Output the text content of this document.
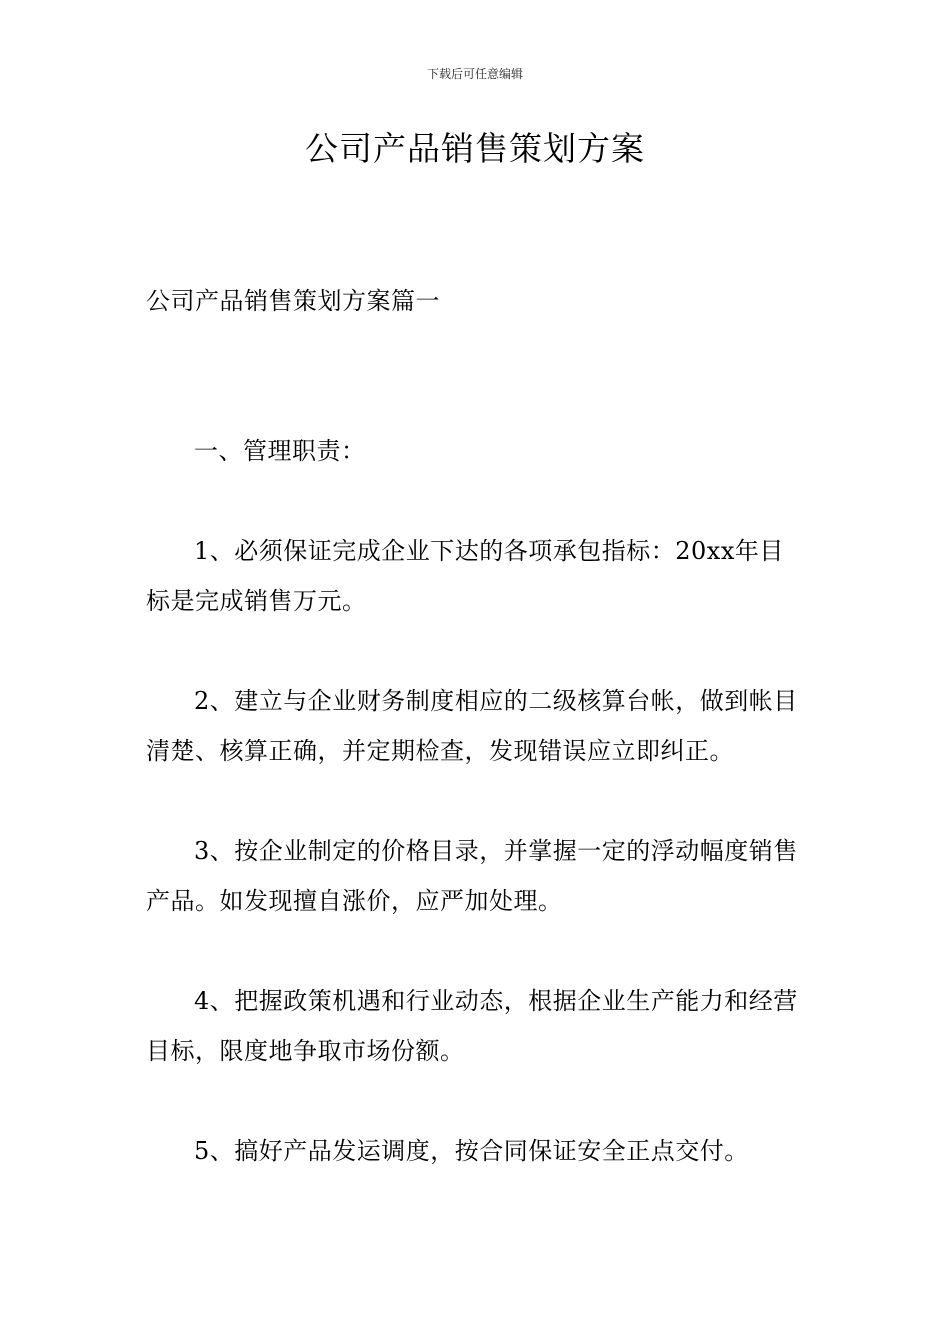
下载后可任意编辑
公司产品销售策划方案

公司产品销售策划方案篇一

一、管理职责：

1、必须保证完成企业下达的各项承包指标：20xx年目标是完成销售万元。

2、建立与企业财务制度相应的二级核算台帐，做到帐目清楚、核算正确，并定期检查，发现错误应立即纠正。

3、按企业制定的价格目录，并掌握一定的浮动幅度销售产品。如发现擅自涨价，应严加处理。

4、把握政策机遇和行业动态，根据企业生产能力和经营目标，限度地争取市场份额。

5、搞好产品发运调度，按合同保证安全正点交付。
